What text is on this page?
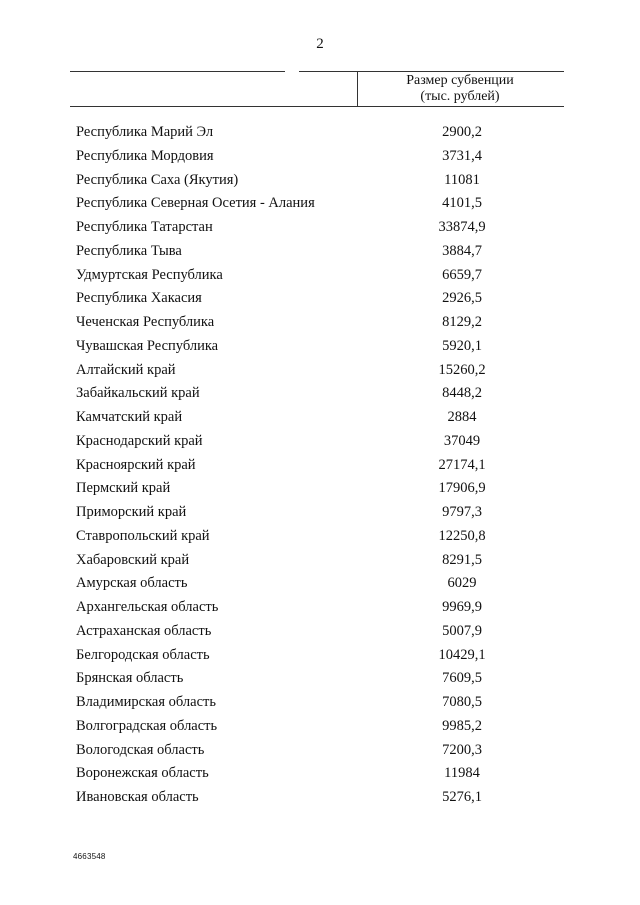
2
Размер субвенции
(тыс. рублей)
Республика Марий Эл	2900,2
Республика Мордовия	3731,4
Республика Саха (Якутия)	11081
Республика Северная Осетия - Алания	4101,5
Республика Татарстан	33874,9
Республика Тыва	3884,7
Удмуртская Республика	6659,7
Республика Хакасия	2926,5
Чеченская Республика	8129,2
Чувашская Республика	5920,1
Алтайский край	15260,2
Забайкальский край	8448,2
Камчатский край	2884
Краснодарский край	37049
Красноярский край	27174,1
Пермский край	17906,9
Приморский край	9797,3
Ставропольский край	12250,8
Хабаровский край	8291,5
Амурская область	6029
Архангельская область	9969,9
Астраханская область	5007,9
Белгородская область	10429,1
Брянская область	7609,5
Владимирская область	7080,5
Волгоградская область	9985,2
Вологодская область	7200,3
Воронежская область	11984
Ивановская область	5276,1
4663548
